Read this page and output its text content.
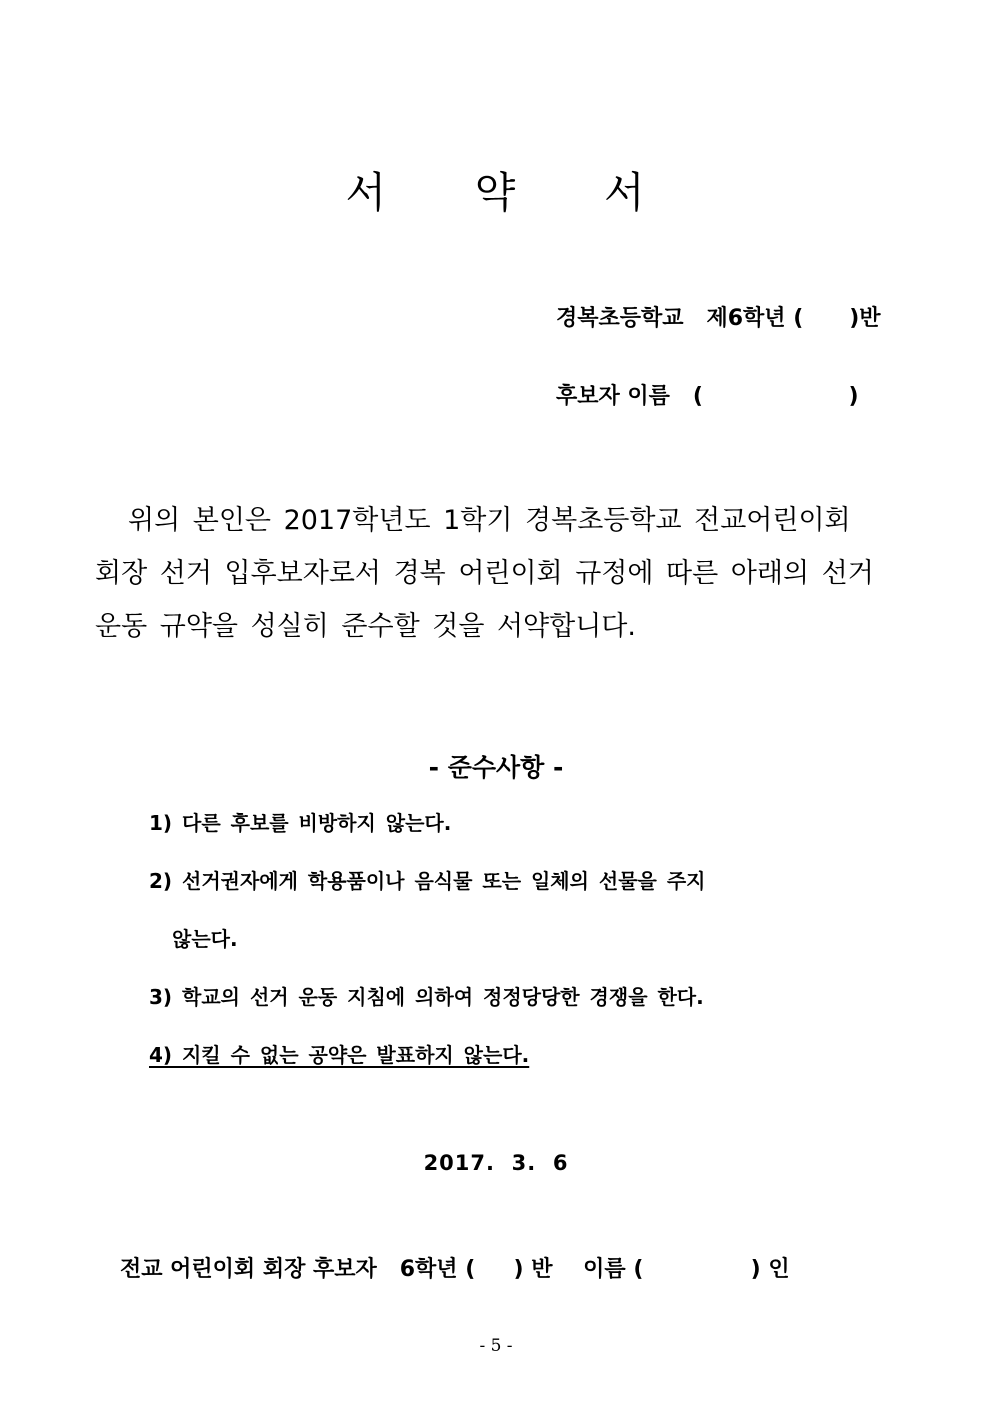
서  약  서
경복초등학교   제6학년 (      )반
후보자 이름   (                   )
위의 본인은 2017학년도 1학기 경복초등학교 전교어린이회
회장 선거 입후보자로서 경복 어린이회 규정에 따른 아래의 선거
운동 규약을 성실히 준수할 것을 서약합니다.
- 준수사항 -
1) 다른 후보를 비방하지 않는다.
2) 선거권자에게 학용품이나 음식물 또는 일체의 선물을 주지
않는다.
3) 학교의 선거 운동 지침에 의하여 정정당당한 경쟁을 한다.
4) 지킬 수 없는 공약은 발표하지 않는다.
2017.  3.  6
전교 어린이회 회장 후보자   6학년 (     ) 반    이름 (              ) 인
- 5 -
